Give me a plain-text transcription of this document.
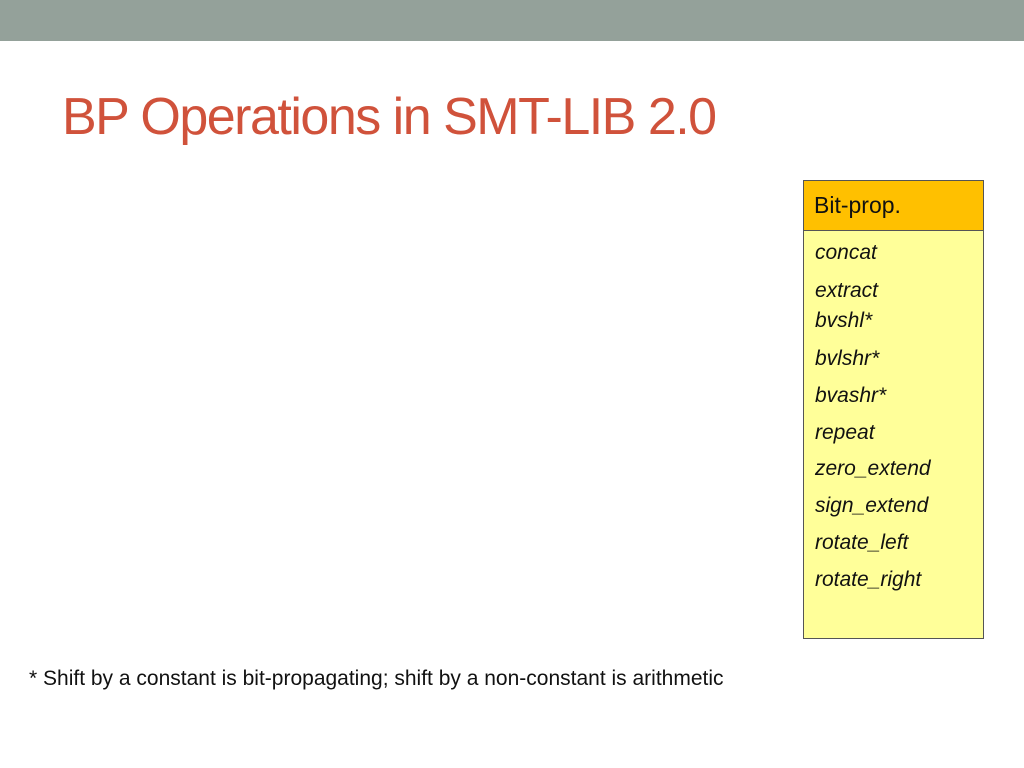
BP Operations in SMT-LIB 2.0
Bit-prop.
concat
extract
bvshl*
bvlshr*
bvashr*
repeat
zero_extend
sign_extend
rotate_left
rotate_right
* Shift by a constant is bit-propagating; shift by a non-constant is arithmetic
